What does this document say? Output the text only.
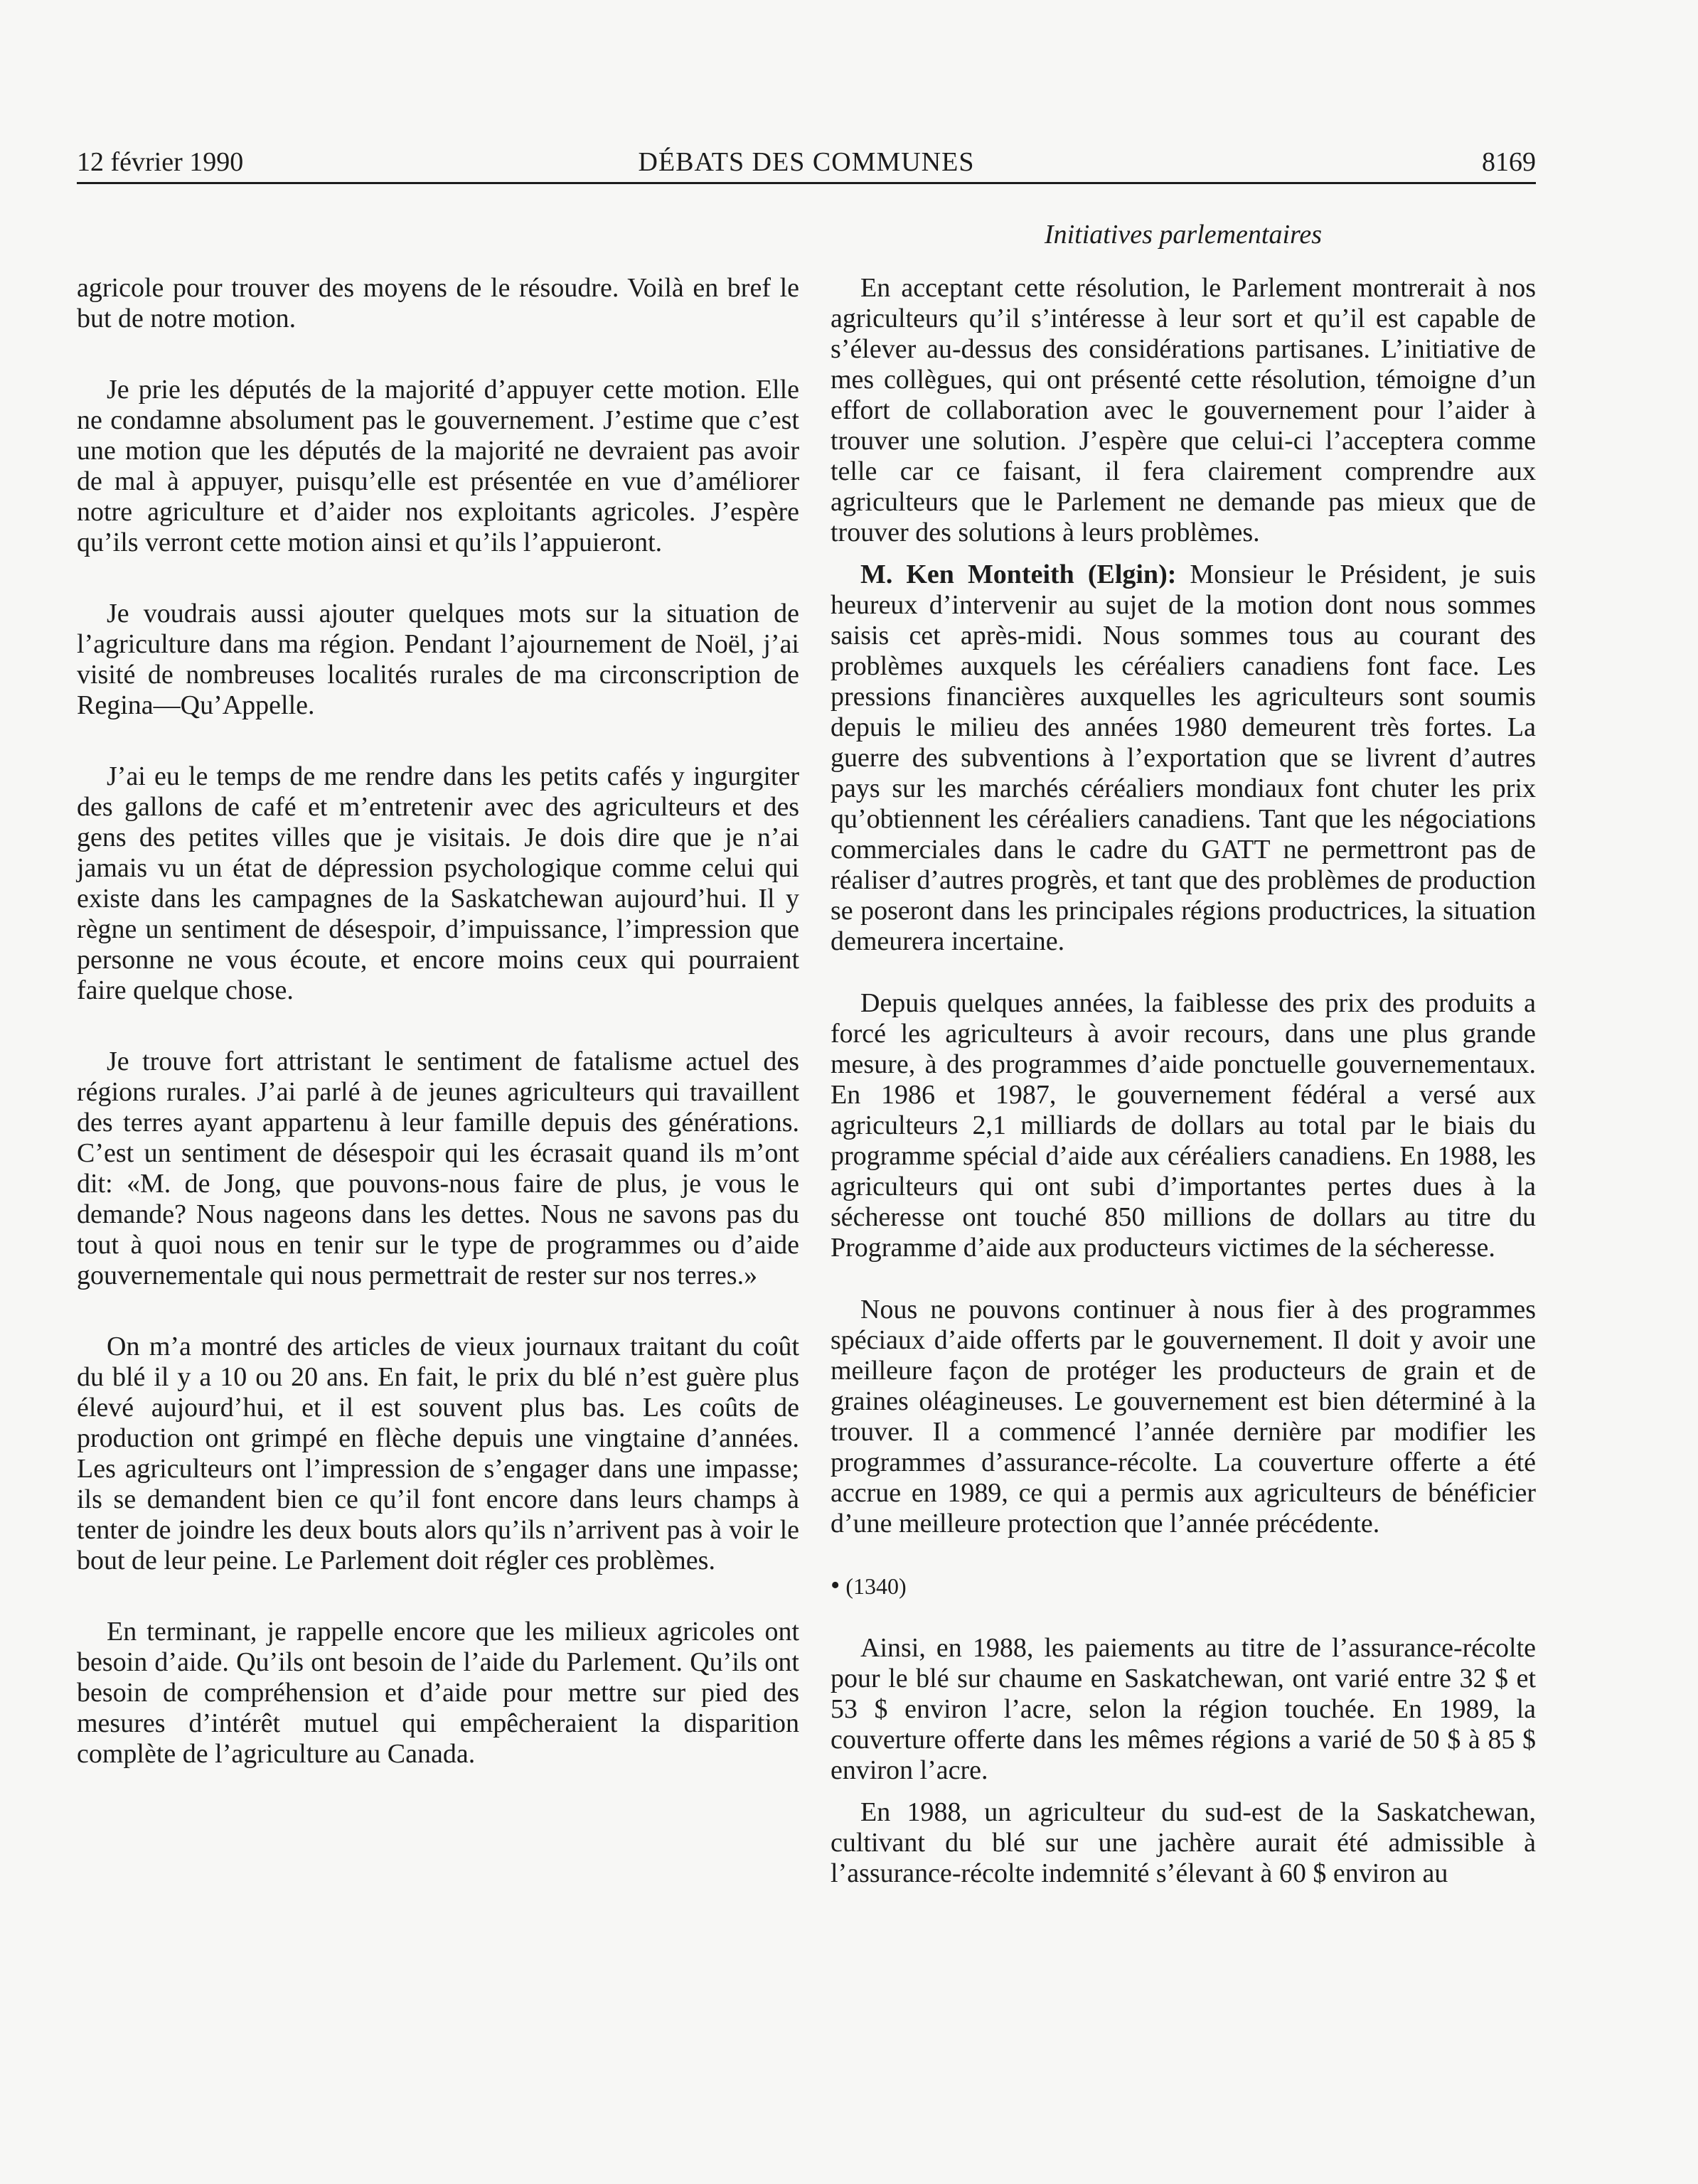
12 février 1990	DÉBATS DES COMMUNES	8169
Initiatives parlementaires

agricole pour trouver des moyens de le résoudre. Voilà en bref le but de notre motion.

Je prie les députés de la majorité d’appuyer cette motion. Elle ne condamne absolument pas le gouvernement. J’estime que c’est une motion que les députés de la majorité ne devraient pas avoir de mal à appuyer, puisqu’elle est présentée en vue d’améliorer notre agriculture et d’aider nos exploitants agricoles. J’espère qu’ils verront cette motion ainsi et qu’ils l’appuieront.

Je voudrais aussi ajouter quelques mots sur la situation de l’agriculture dans ma région. Pendant l’ajournement de Noël, j’ai visité de nombreuses localités rurales de ma circonscription de Regina—Qu’Appelle.

J’ai eu le temps de me rendre dans les petits cafés y ingurgiter des gallons de café et m’entretenir avec des agriculteurs et des gens des petites villes que je visitais. Je dois dire que je n’ai jamais vu un état de dépression psychologique comme celui qui existe dans les campagnes de la Saskatchewan aujourd’hui. Il y règne un sentiment de désespoir, d’impuissance, l’impression que personne ne vous écoute, et encore moins ceux qui pourraient faire quelque chose.

Je trouve fort attristant le sentiment de fatalisme actuel des régions rurales. J’ai parlé à de jeunes agriculteurs qui travaillent des terres ayant appartenu à leur famille depuis des générations. C’est un sentiment de désespoir qui les écrasait quand ils m’ont dit: «M. de Jong, que pouvons-nous faire de plus, je vous le demande? Nous nageons dans les dettes. Nous ne savons pas du tout à quoi nous en tenir sur le type de programmes ou d’aide gouvernementale qui nous permettrait de rester sur nos terres.»

On m’a montré des articles de vieux journaux traitant du coût du blé il y a 10 ou 20 ans. En fait, le prix du blé n’est guère plus élevé aujourd’hui, et il est souvent plus bas. Les coûts de production ont grimpé en flèche depuis une vingtaine d’années. Les agriculteurs ont l’impression de s’engager dans une impasse; ils se demandent bien ce qu’il font encore dans leurs champs à tenter de joindre les deux bouts alors qu’ils n’arrivent pas à voir le bout de leur peine. Le Parlement doit régler ces problèmes.

En terminant, je rappelle encore que les milieux agricoles ont besoin d’aide. Qu’ils ont besoin de l’aide du Parlement. Qu’ils ont besoin de compréhension et d’aide pour mettre sur pied des mesures d’intérêt mutuel qui empêcheraient la disparition complète de l’agriculture au Canada.

En acceptant cette résolution, le Parlement montrerait à nos agriculteurs qu’il s’intéresse à leur sort et qu’il est capable de s’élever au-dessus des considérations partisanes. L’initiative de mes collègues, qui ont présenté cette résolution, témoigne d’un effort de collaboration avec le gouvernement pour l’aider à trouver une solution. J’espère que celui-ci l’acceptera comme telle car ce faisant, il fera clairement comprendre aux agriculteurs que le Parlement ne demande pas mieux que de trouver des solutions à leurs problèmes.

M. Ken Monteith (Elgin): Monsieur le Président, je suis heureux d’intervenir au sujet de la motion dont nous sommes saisis cet après-midi. Nous sommes tous au courant des problèmes auxquels les céréaliers canadiens font face. Les pressions financières auxquelles les agriculteurs sont soumis depuis le milieu des années 1980 demeurent très fortes. La guerre des subventions à l’exportation que se livrent d’autres pays sur les marchés céréaliers mondiaux font chuter les prix qu’obtiennent les céréaliers canadiens. Tant que les négociations commerciales dans le cadre du GATT ne permettront pas de réaliser d’autres progrès, et tant que des problèmes de production se poseront dans les principales régions productrices, la situation demeurera incertaine.

Depuis quelques années, la faiblesse des prix des produits a forcé les agriculteurs à avoir recours, dans une plus grande mesure, à des programmes d’aide ponctuelle gouvernementaux. En 1986 et 1987, le gouvernement fédéral a versé aux agriculteurs 2,1 milliards de dollars au total par le biais du programme spécial d’aide aux céréaliers canadiens. En 1988, les agriculteurs qui ont subi d’importantes pertes dues à la sécheresse ont touché 850 millions de dollars au titre du Programme d’aide aux producteurs victimes de la sécheresse.

Nous ne pouvons continuer à nous fier à des programmes spéciaux d’aide offerts par le gouvernement. Il doit y avoir une meilleure façon de protéger les producteurs de grain et de graines oléagineuses. Le gouvernement est bien déterminé à la trouver. Il a commencé l’année dernière par modifier les programmes d’assurance-récolte. La couverture offerte a été accrue en 1989, ce qui a permis aux agriculteurs de bénéficier d’une meilleure protection que l’année précédente.

• (1340)

Ainsi, en 1988, les paiements au titre de l’assurance-récolte pour le blé sur chaume en Saskatchewan, ont varié entre 32 $ et 53 $ environ l’acre, selon la région touchée. En 1989, la couverture offerte dans les mêmes régions a varié de 50 $ à 85 $ environ l’acre.

En 1988, un agriculteur du sud-est de la Saskatchewan, cultivant du blé sur une jachère aurait été admissible à l’assurance-récolte indemnité s’élevant à 60 $ environ au
